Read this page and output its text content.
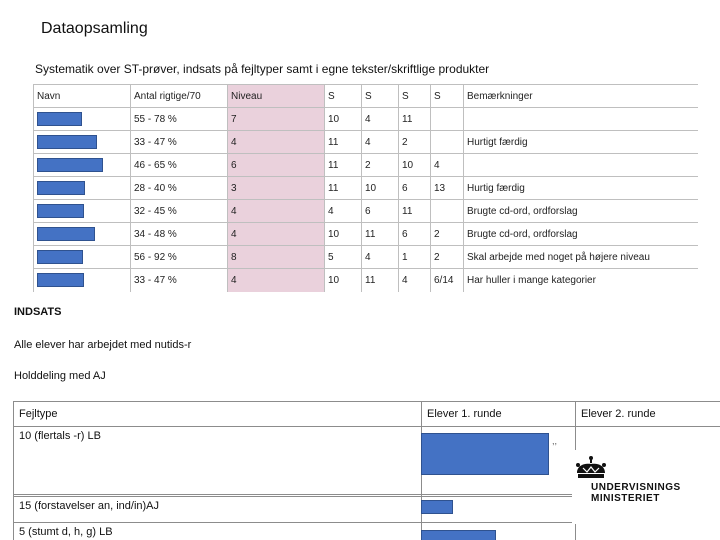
Dataopsamling
Systematik over ST-prøver, indsats på fejltyper samt i egne tekster/skriftlige produkter
Navn	Antal rigtige/70	Niveau	S	S	S	S	Bemærkninger
	55 - 78 %	7	10	4	11		
	33 - 47 %	4	11	4	2		Hurtigt færdig
	46 - 65 %	6	11	2	10	4	
	28 - 40 %	3	11	10	6	13	Hurtig færdig
	32 - 45 %	4	4	6	11		Brugte cd-ord, ordforslag
	34 - 48 %	4	10	11	6	2	Brugte cd-ord, ordforslag
	56 - 92 %	8	5	4	1	2	Skal arbejde med noget på højere niveau
	33 - 47 %	4	10	11	4	6/14	Har huller i mange kategorier
INDSATS
Alle elever har arbejdet med nutids-r
Holddeling med AJ
Fejltype	Elever 1. runde	Elever 2. runde
10 (flertals -r) LB		

15 (forstavelser an, ind/in)AJ		
5 (stumt d, h, g) LB		
,,
UNDERVISNINGS
MINISTERIET
